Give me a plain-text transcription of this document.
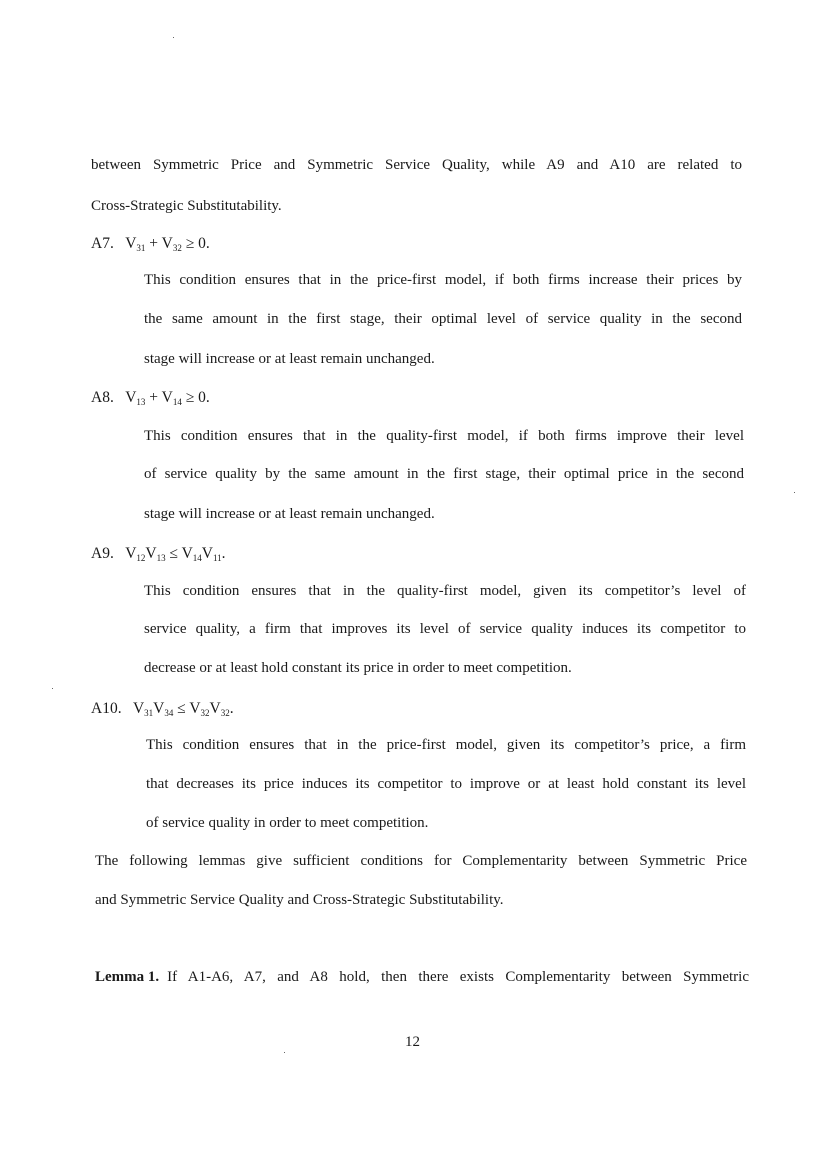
between Symmetric Price and Symmetric Service Quality, while A9 and A10 are related to
Cross-Strategic Substitutability.
A7. $V_{31} + V_{32} \ge 0$.
This condition ensures that in the price-first model, if both firms increase their prices by
the same amount in the first stage, their optimal level of service quality in the second
stage will increase or at least remain unchanged.
A8. $V_{13} + V_{14} \ge 0$.
This condition ensures that in the quality-first model, if both firms improve their level
of service quality by the same amount in the first stage, their optimal price in the second
stage will increase or at least remain unchanged.
A9. $V_{12}V_{13} \le V_{14}V_{11}$.
This condition ensures that in the quality-first model, given its competitor’s level of
service quality, a firm that improves its level of service quality induces its competitor to
decrease or at least hold constant its price in order to meet competition.
A10. $V_{31}V_{34} \le V_{32}V_{32}$.
This condition ensures that in the price-first model, given its competitor’s price, a firm
that decreases its price induces its competitor to improve or at least hold constant its level
of service quality in order to meet competition.
The following lemmas give sufficient conditions for Complementarity between Symmetric Price
and Symmetric Service Quality and Cross-Strategic Substitutability.
Lemma 1. If A1-A6, A7, and A8 hold, then there exists Complementarity between Symmetric
12
